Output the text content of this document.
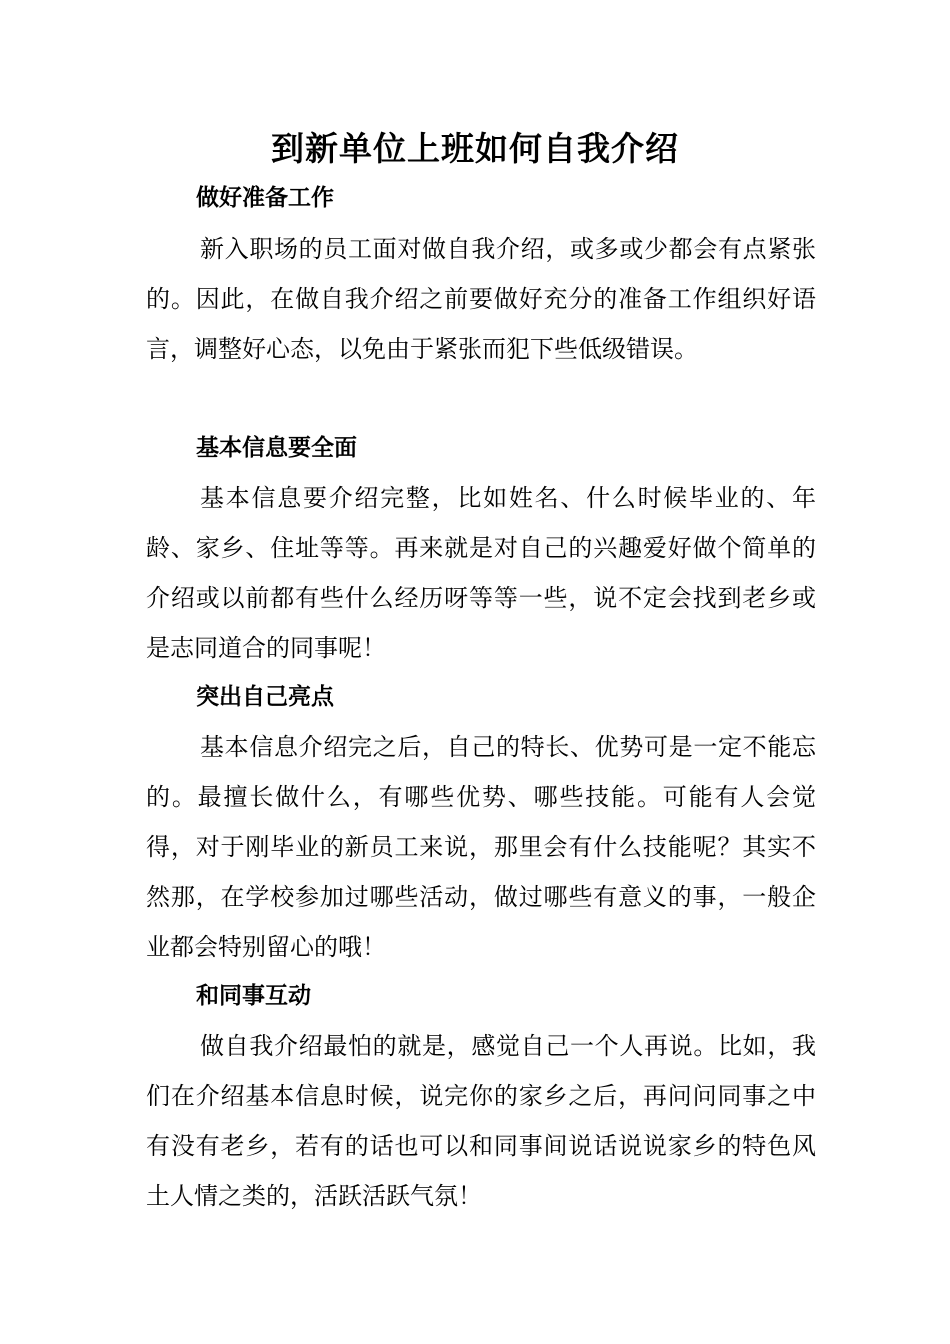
到新单位上班如何自我介绍
做好准备工作

新入职场的员工面对做自我介绍，或多或少都会有点紧张的。因此，在做自我介绍之前要做好充分的准备工作组织好语言，调整好心态，以免由于紧张而犯下些低级错误。

基本信息要全面

基本信息要介绍完整，比如姓名、什么时候毕业的、年龄、家乡、住址等等。再来就是对自己的兴趣爱好做个简单的介绍或以前都有些什么经历呀等等一些，说不定会找到老乡或是志同道合的同事呢！

突出自己亮点

基本信息介绍完之后，自己的特长、优势可是一定不能忘的。最擅长做什么，有哪些优势、哪些技能。可能有人会觉得，对于刚毕业的新员工来说，那里会有什么技能呢？其实不然那，在学校参加过哪些活动，做过哪些有意义的事，一般企业都会特别留心的哦！

和同事互动

做自我介绍最怕的就是，感觉自己一个人再说。比如，我们在介绍基本信息时候，说完你的家乡之后，再问问同事之中有没有老乡，若有的话也可以和同事间说话说说家乡的特色风土人情之类的，活跃活跃气氛！
